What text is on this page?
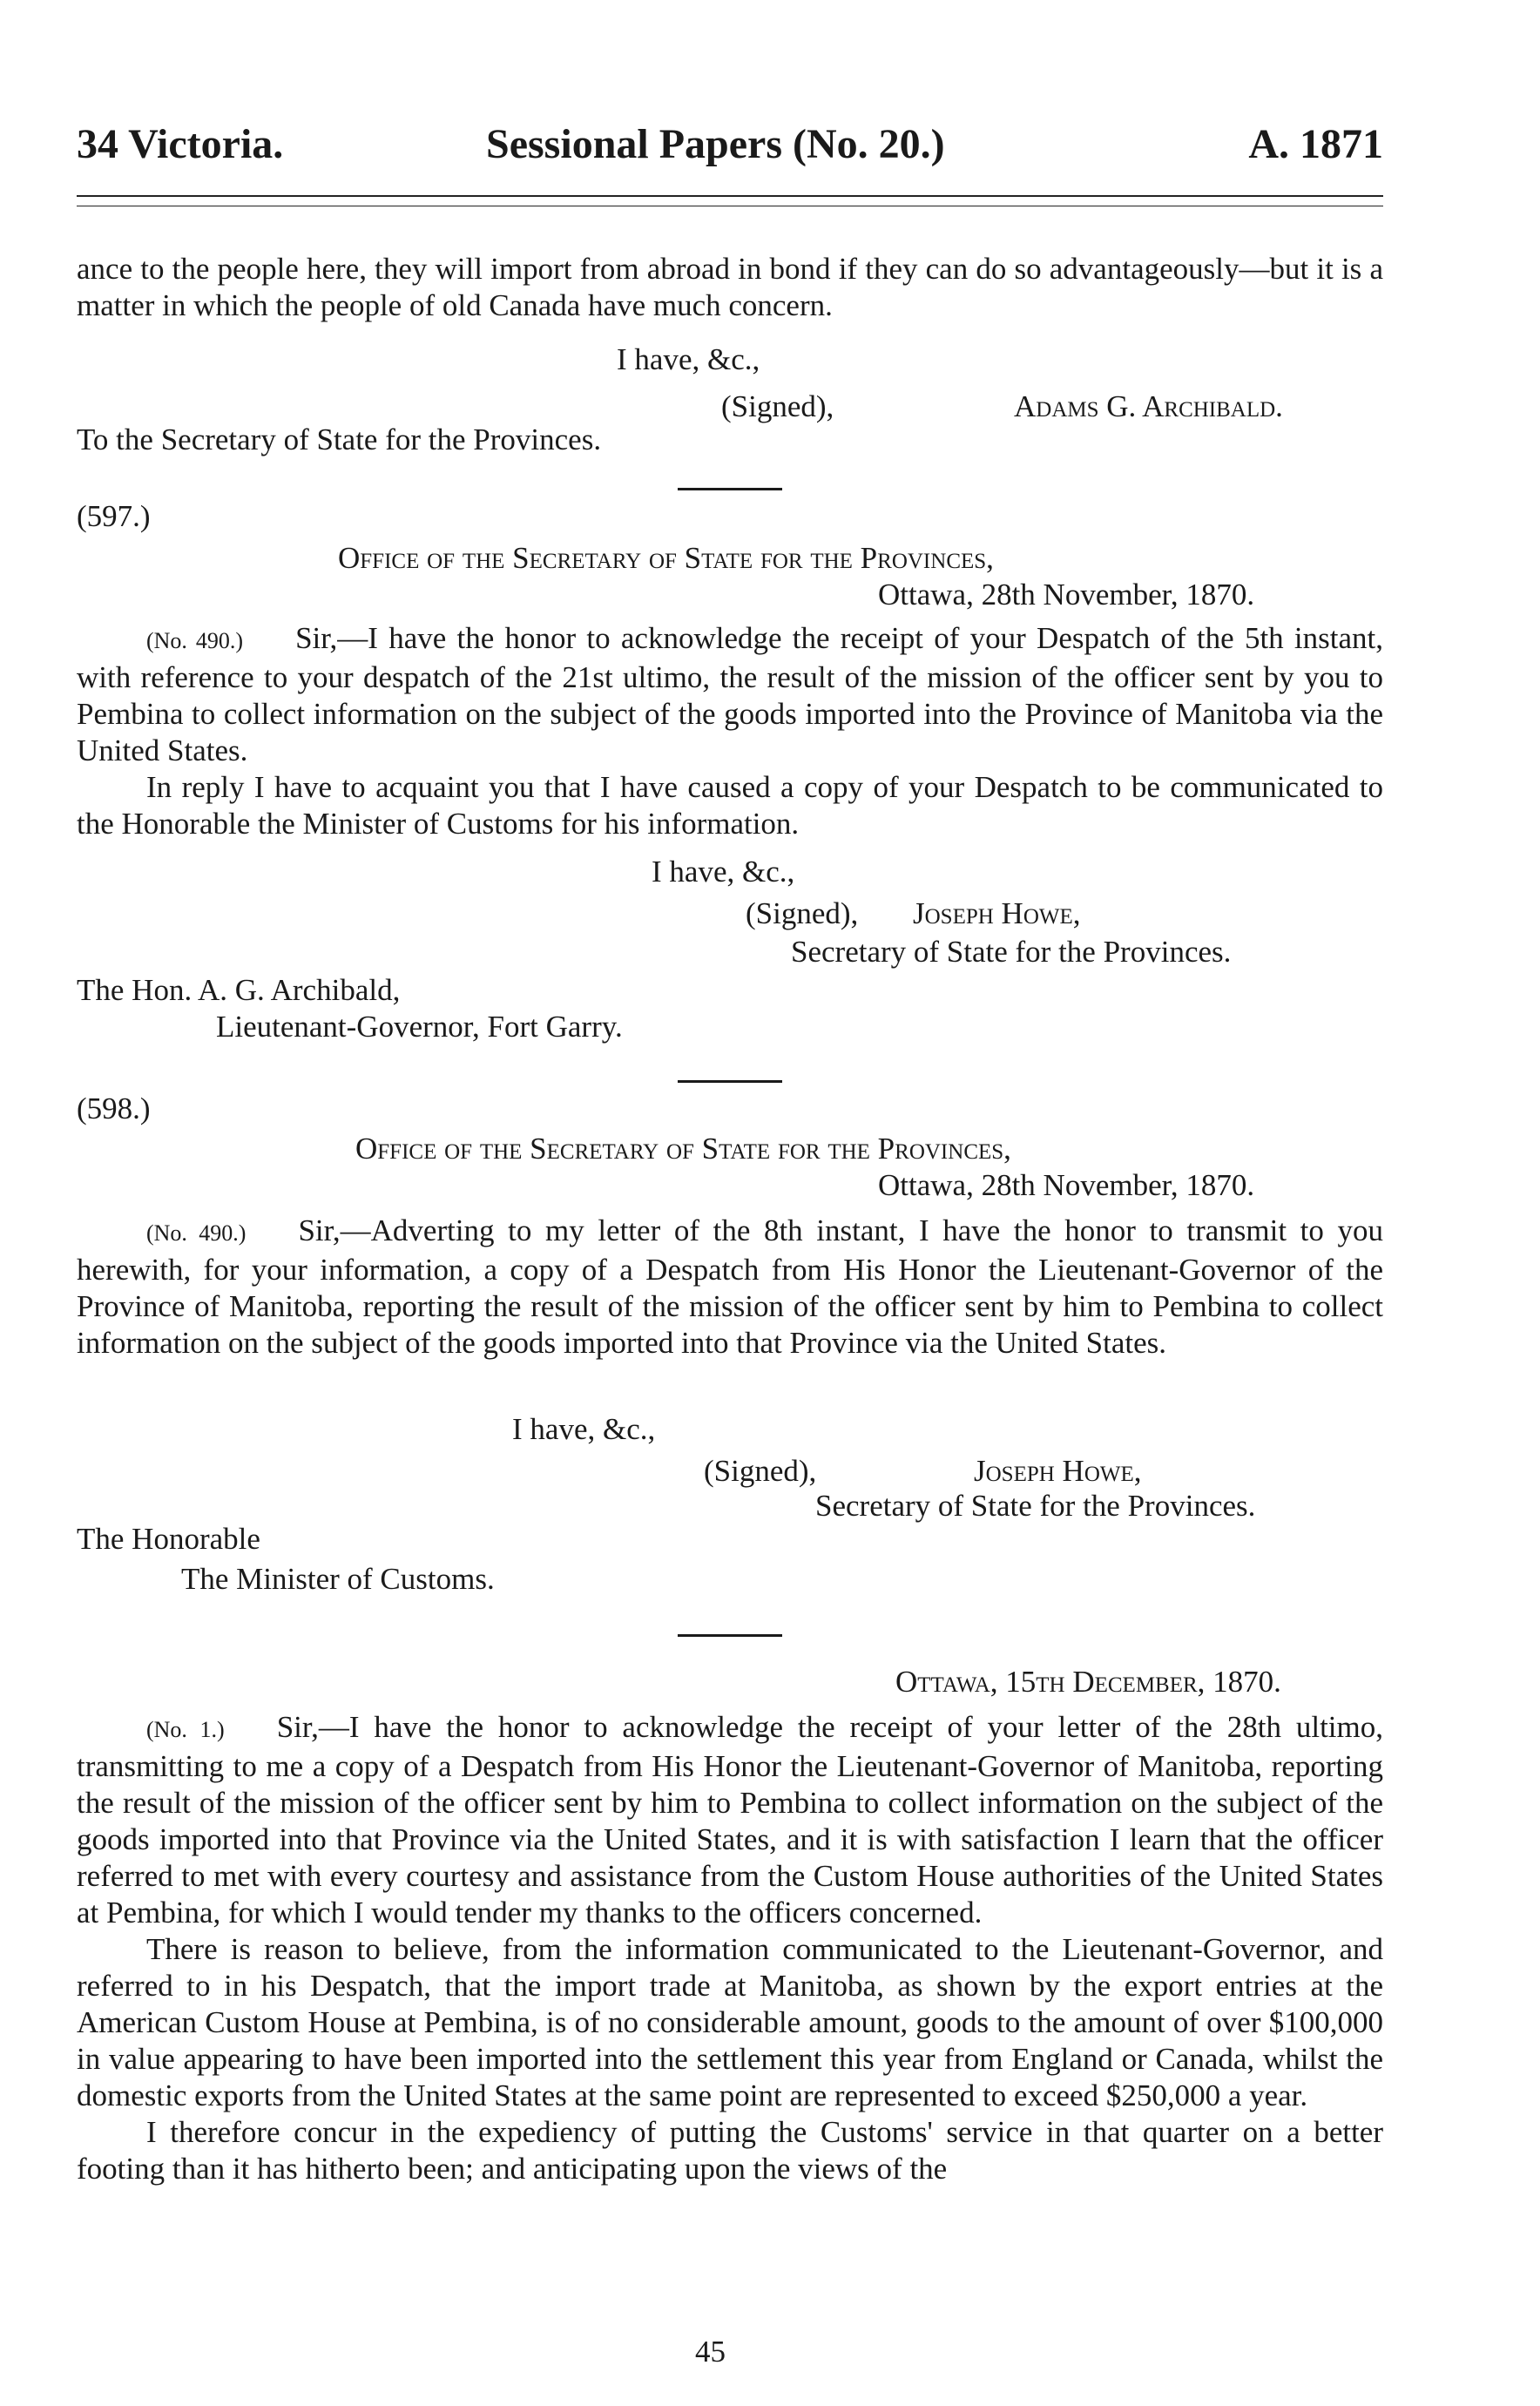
34 Victoria.	Sessional Papers (No. 20.)	A. 1871

ance to the people here, they will import from abroad in bond if they can do so advantageously—but it is a matter in which the people of old Canada have much concern.

I have, &c.,
(Signed),	Adams G. Archibald.
To the Secretary of State for the Provinces.
(597.)
Office of the Secretary of State for the Provinces,
Ottawa, 28th November, 1870.

(No. 490.) Sir,—I have the honor to acknowledge the receipt of your Despatch of the 5th instant, with reference to your despatch of the 21st ultimo, the result of the mission of the officer sent by you to Pembina to collect information on the subject of the goods imported into the Province of Manitoba via the United States.

In reply I have to acquaint you that I have caused a copy of your Despatch to be communicated to the Honorable the Minister of Customs for his information.

I have, &c.,
(Signed), Joseph Howe,
Secretary of State for the Provinces.
The Hon. A. G. Archibald,
Lieutenant-Governor, Fort Garry.
(598.)
Office of the Secretary of State for the Provinces,
Ottawa, 28th November, 1870.

(No. 490.) Sir,—Adverting to my letter of the 8th instant, I have the honor to transmit to you herewith, for your information, a copy of a Despatch from His Honor the Lieutenant-Governor of the Province of Manitoba, reporting the result of the mission of the officer sent by him to Pembina to collect information on the subject of the goods imported into that Province via the United States.

I have, &c.,
(Signed),	Joseph Howe,
Secretary of State for the Provinces.
The Honorable
The Minister of Customs.
Ottawa, 15th December, 1870.

(No. 1.) Sir,—I have the honor to acknowledge the receipt of your letter of the 28th ultimo, transmitting to me a copy of a Despatch from His Honor the Lieutenant-Governor of Manitoba, reporting the result of the mission of the officer sent by him to Pembina to collect information on the subject of the goods imported into that Province via the United States, and it is with satisfaction I learn that the officer referred to met with every courtesy and assistance from the Custom House authorities of the United States at Pembina, for which I would tender my thanks to the officers concerned.

There is reason to believe, from the information communicated to the Lieutenant-Governor, and referred to in his Despatch, that the import trade at Manitoba, as shown by the export entries at the American Custom House at Pembina, is of no considerable amount, goods to the amount of over $100,000 in value appearing to have been imported into the settlement this year from England or Canada, whilst the domestic exports from the United States at the same point are represented to exceed $250,000 a year.

I therefore concur in the expediency of putting the Customs' service in that quarter on a better footing than it has hitherto been; and anticipating upon the views of the

45
